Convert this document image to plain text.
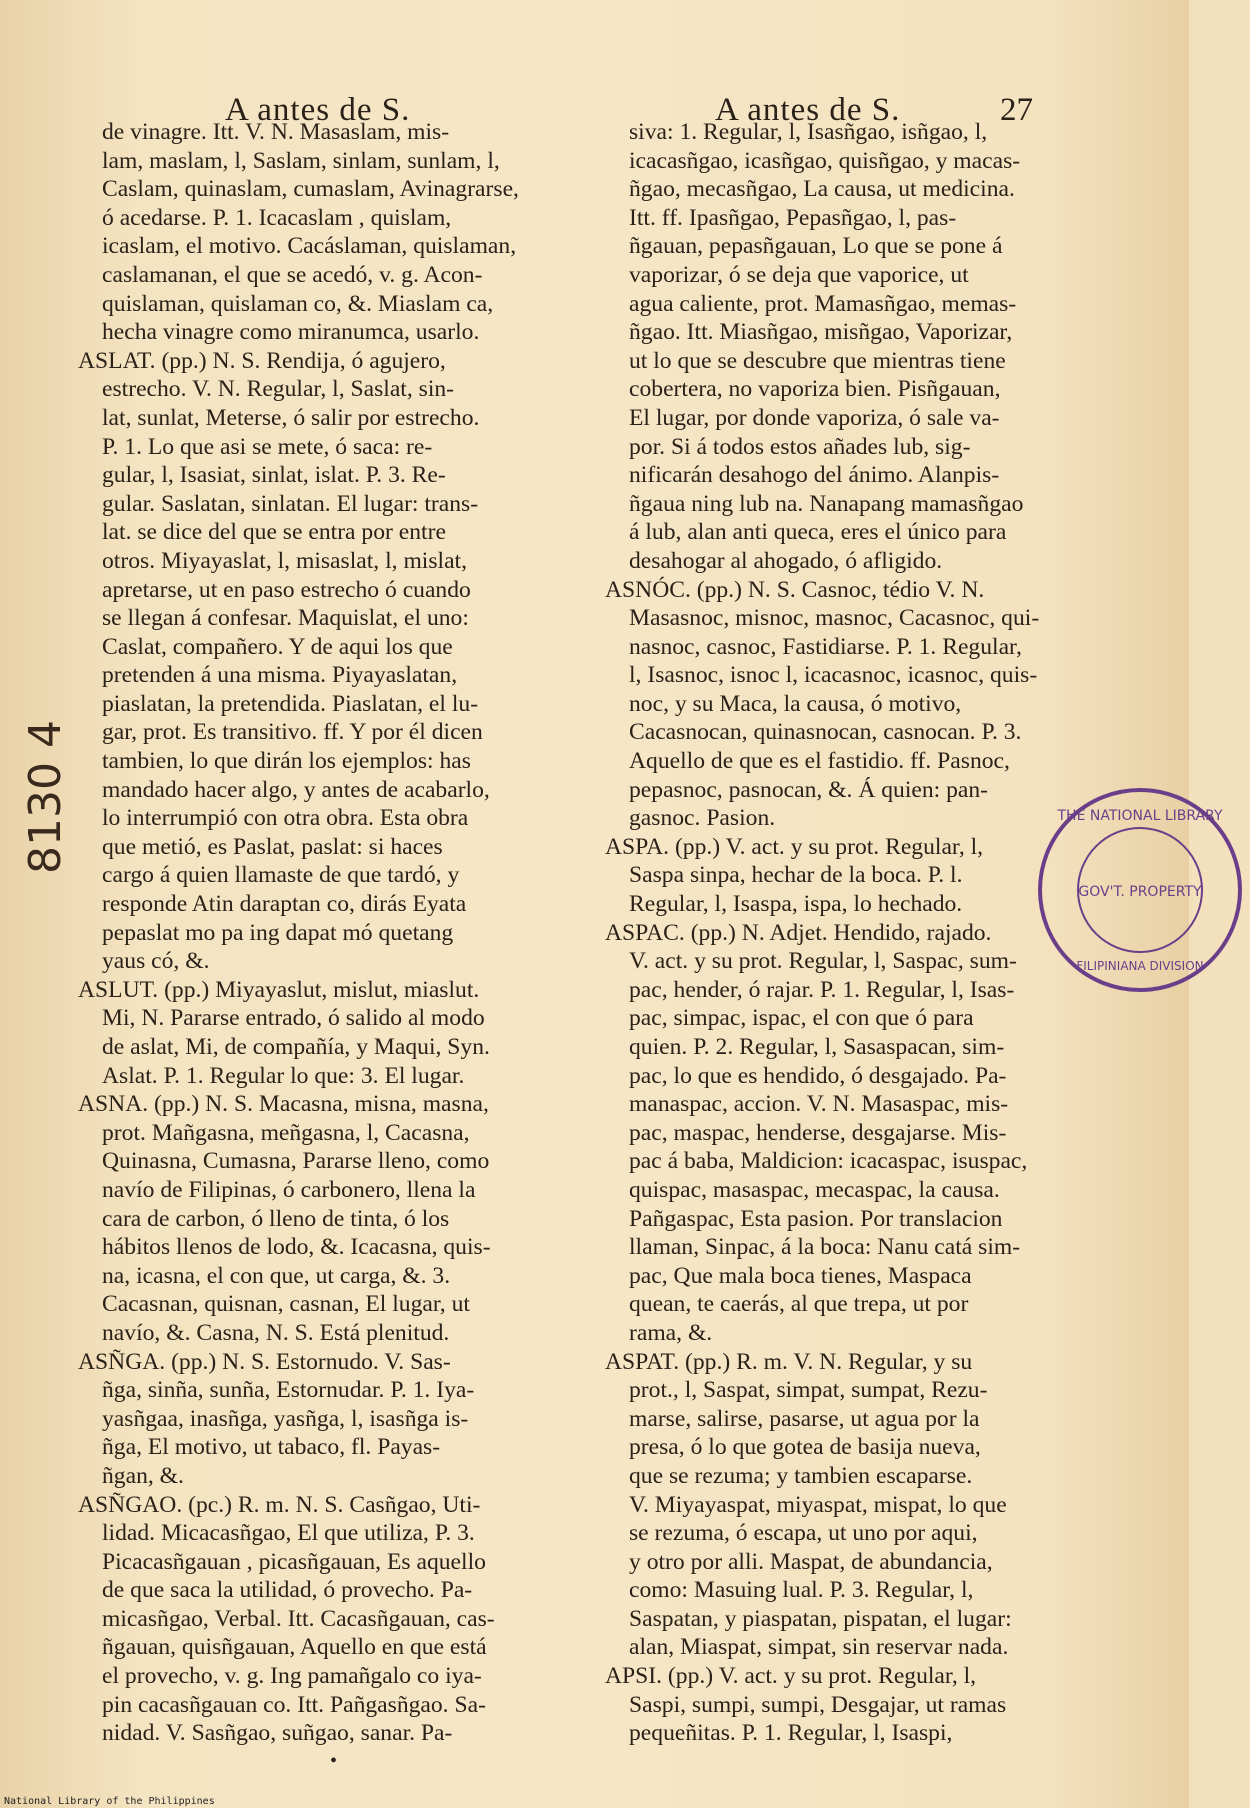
A antes de S.	A antes de S.	27
de vinagre. Itt. V. N. Masaslam, mis-
lam, maslam, l, Saslam, sinlam, sunlam, l,
Caslam, quinaslam, cumaslam, Avinagrarse,
ó acedarse. P. 1. Icacaslam , quislam,
icaslam, el motivo. Cacáslaman, quislaman,
caslamanan, el que se acedó, v. g. Acon-
quislaman, quislaman co, &. Miaslam ca,
hecha vinagre como miranumca, usarlo.
ASLAT. (pp.) N. S. Rendija, ó agujero,
estrecho. V. N. Regular, l, Saslat, sin-
lat, sunlat, Meterse, ó salir por estrecho.
P. 1. Lo que asi se mete, ó saca: re-
gular, l, Isasiat, sinlat, islat. P. 3. Re-
gular. Saslatan, sinlatan. El lugar: trans-
lat. se dice del que se entra por entre
otros. Miyayaslat, l, misaslat, l, mislat,
apretarse, ut en paso estrecho ó cuando
se llegan á confesar. Maquislat, el uno:
Caslat, compañero. Y de aqui los que
pretenden á una misma. Piyayaslatan,
piaslatan, la pretendida. Piaslatan, el lu-
gar, prot. Es transitivo. ff. Y por él dicen
tambien, lo que dirán los ejemplos: has
mandado hacer algo, y antes de acabarlo,
lo interrumpió con otra obra. Esta obra
que metió, es Paslat, paslat: si haces
cargo á quien llamaste de que tardó, y
responde Atin daraptan co, dirás Eyata
pepaslat mo pa ing dapat mó quetang
yaus có, &.
ASLUT. (pp.) Miyayaslut, mislut, miaslut.
Mi, N. Pararse entrado, ó salido al modo
de aslat, Mi, de compañía, y Maqui, Syn.
Aslat. P. 1. Regular lo que: 3. El lugar.
ASNA. (pp.) N. S. Macasna, misna, masna,
prot. Mañgasna, meñgasna, l, Cacasna,
Quinasna, Cumasna, Pararse lleno, como
navío de Filipinas, ó carbonero, llena la
cara de carbon, ó lleno de tinta, ó los
hábitos llenos de lodo, &. Icacasna, quis-
na, icasna, el con que, ut carga, &. 3.
Cacasnan, quisnan, casnan, El lugar, ut
navío, &. Casna, N. S. Está plenitud.
ASÑGA. (pp.) N. S. Estornudo. V. Sas-
ñga, sinña, sunña, Estornudar. P. 1. Iya-
yasñgaa, inasñga, yasñga, l, isasñga is-
ñga, El motivo, ut tabaco, fl. Payas-
ñgan, &.
ASÑGAO. (pc.) R. m. N. S. Casñgao, Uti-
lidad. Micacasñgao, El que utiliza, P. 3.
Picacasñgauan , picasñgauan, Es aquello
de que saca la utilidad, ó provecho. Pa-
micasñgao, Verbal. Itt. Cacasñgauan, cas-
ñgauan, quisñgauan, Aquello en que está
el provecho, v. g. Ing pamañgalo co iya-
pin cacasñgauan co. Itt. Pañgasñgao. Sa-
nidad. V. Sasñgao, suñgao, sanar. Pa-
siva: 1. Regular, l, Isasñgao, isñgao, l,
icacasñgao, icasñgao, quisñgao, y macas-
ñgao, mecasñgao, La causa, ut medicina.
Itt. ff. Ipasñgao, Pepasñgao, l, pas-
ñgauan, pepasñgauan, Lo que se pone á
vaporizar, ó se deja que vaporice, ut
agua caliente, prot. Mamasñgao, memas-
ñgao. Itt. Miasñgao, misñgao, Vaporizar,
ut lo que se descubre que mientras tiene
cobertera, no vaporiza bien. Pisñgauan,
El lugar, por donde vaporiza, ó sale va-
por. Si á todos estos añades lub, sig-
nificarán desahogo del ánimo. Alanpis-
ñgaua ning lub na. Nanapang mamasñgao
á lub, alan anti queca, eres el único para
desahogar al ahogado, ó afligido.
ASNÓC. (pp.) N. S. Casnoc, tédio V. N.
Masasnoc, misnoc, masnoc, Cacasnoc, qui-
nasnoc, casnoc, Fastidiarse. P. 1. Regular,
l, Isasnoc, isnoc l, icacasnoc, icasnoc, quis-
noc, y su Maca, la causa, ó motivo,
Cacasnocan, quinasnocan, casnocan. P. 3.
Aquello de que es el fastidio. ff. Pasnoc,
pepasnoc, pasnocan, &. Á quien: pan-
gasnoc. Pasion.
ASPA. (pp.) V. act. y su prot. Regular, l,
Saspa sinpa, hechar de la boca. P. l.
Regular, l, Isaspa, ispa, lo hechado.
ASPAC. (pp.) N. Adjet. Hendido, rajado.
V. act. y su prot. Regular, l, Saspac, sum-
pac, hender, ó rajar. P. 1. Regular, l, Isas-
pac, simpac, ispac, el con que ó para
quien. P. 2. Regular, l, Sasaspacan, sim-
pac, lo que es hendido, ó desgajado. Pa-
manaspac, accion. V. N. Masaspac, mis-
pac, maspac, henderse, desgajarse. Mis-
pac á baba, Maldicion: icacaspac, isuspac,
quispac, masaspac, mecaspac, la causa.
Pañgaspac, Esta pasion. Por translacion
llaman, Sinpac, á la boca: Nanu catá sim-
pac, Que mala boca tienes, Maspaca
quean, te caerás, al que trepa, ut por
rama, &.
ASPAT. (pp.) R. m. V. N. Regular, y su
prot., l, Saspat, simpat, sumpat, Rezu-
marse, salirse, pasarse, ut agua por la
presa, ó lo que gotea de basija nueva,
que se rezuma; y tambien escaparse.
V. Miyayaspat, miyaspat, mispat, lo que
se rezuma, ó escapa, ut uno por aqui,
y otro por alli. Maspat, de abundancia,
como: Masuing lual. P. 3. Regular, l,
Saspatan, y piaspatan, pispatan, el lugar:
alan, Miaspat, simpat, sin reservar nada.
APSI. (pp.) V. act. y su prot. Regular, l,
Saspi, sumpi, sumpi, Desgajar, ut ramas
pequeñitas. P. 1. Regular, l, Isaspi,
8130 4	THE NATIONAL LIBRARY
GOV'T. PROPERTY
FILIPINIANA DIVISION
•
National Library of the Philippines
